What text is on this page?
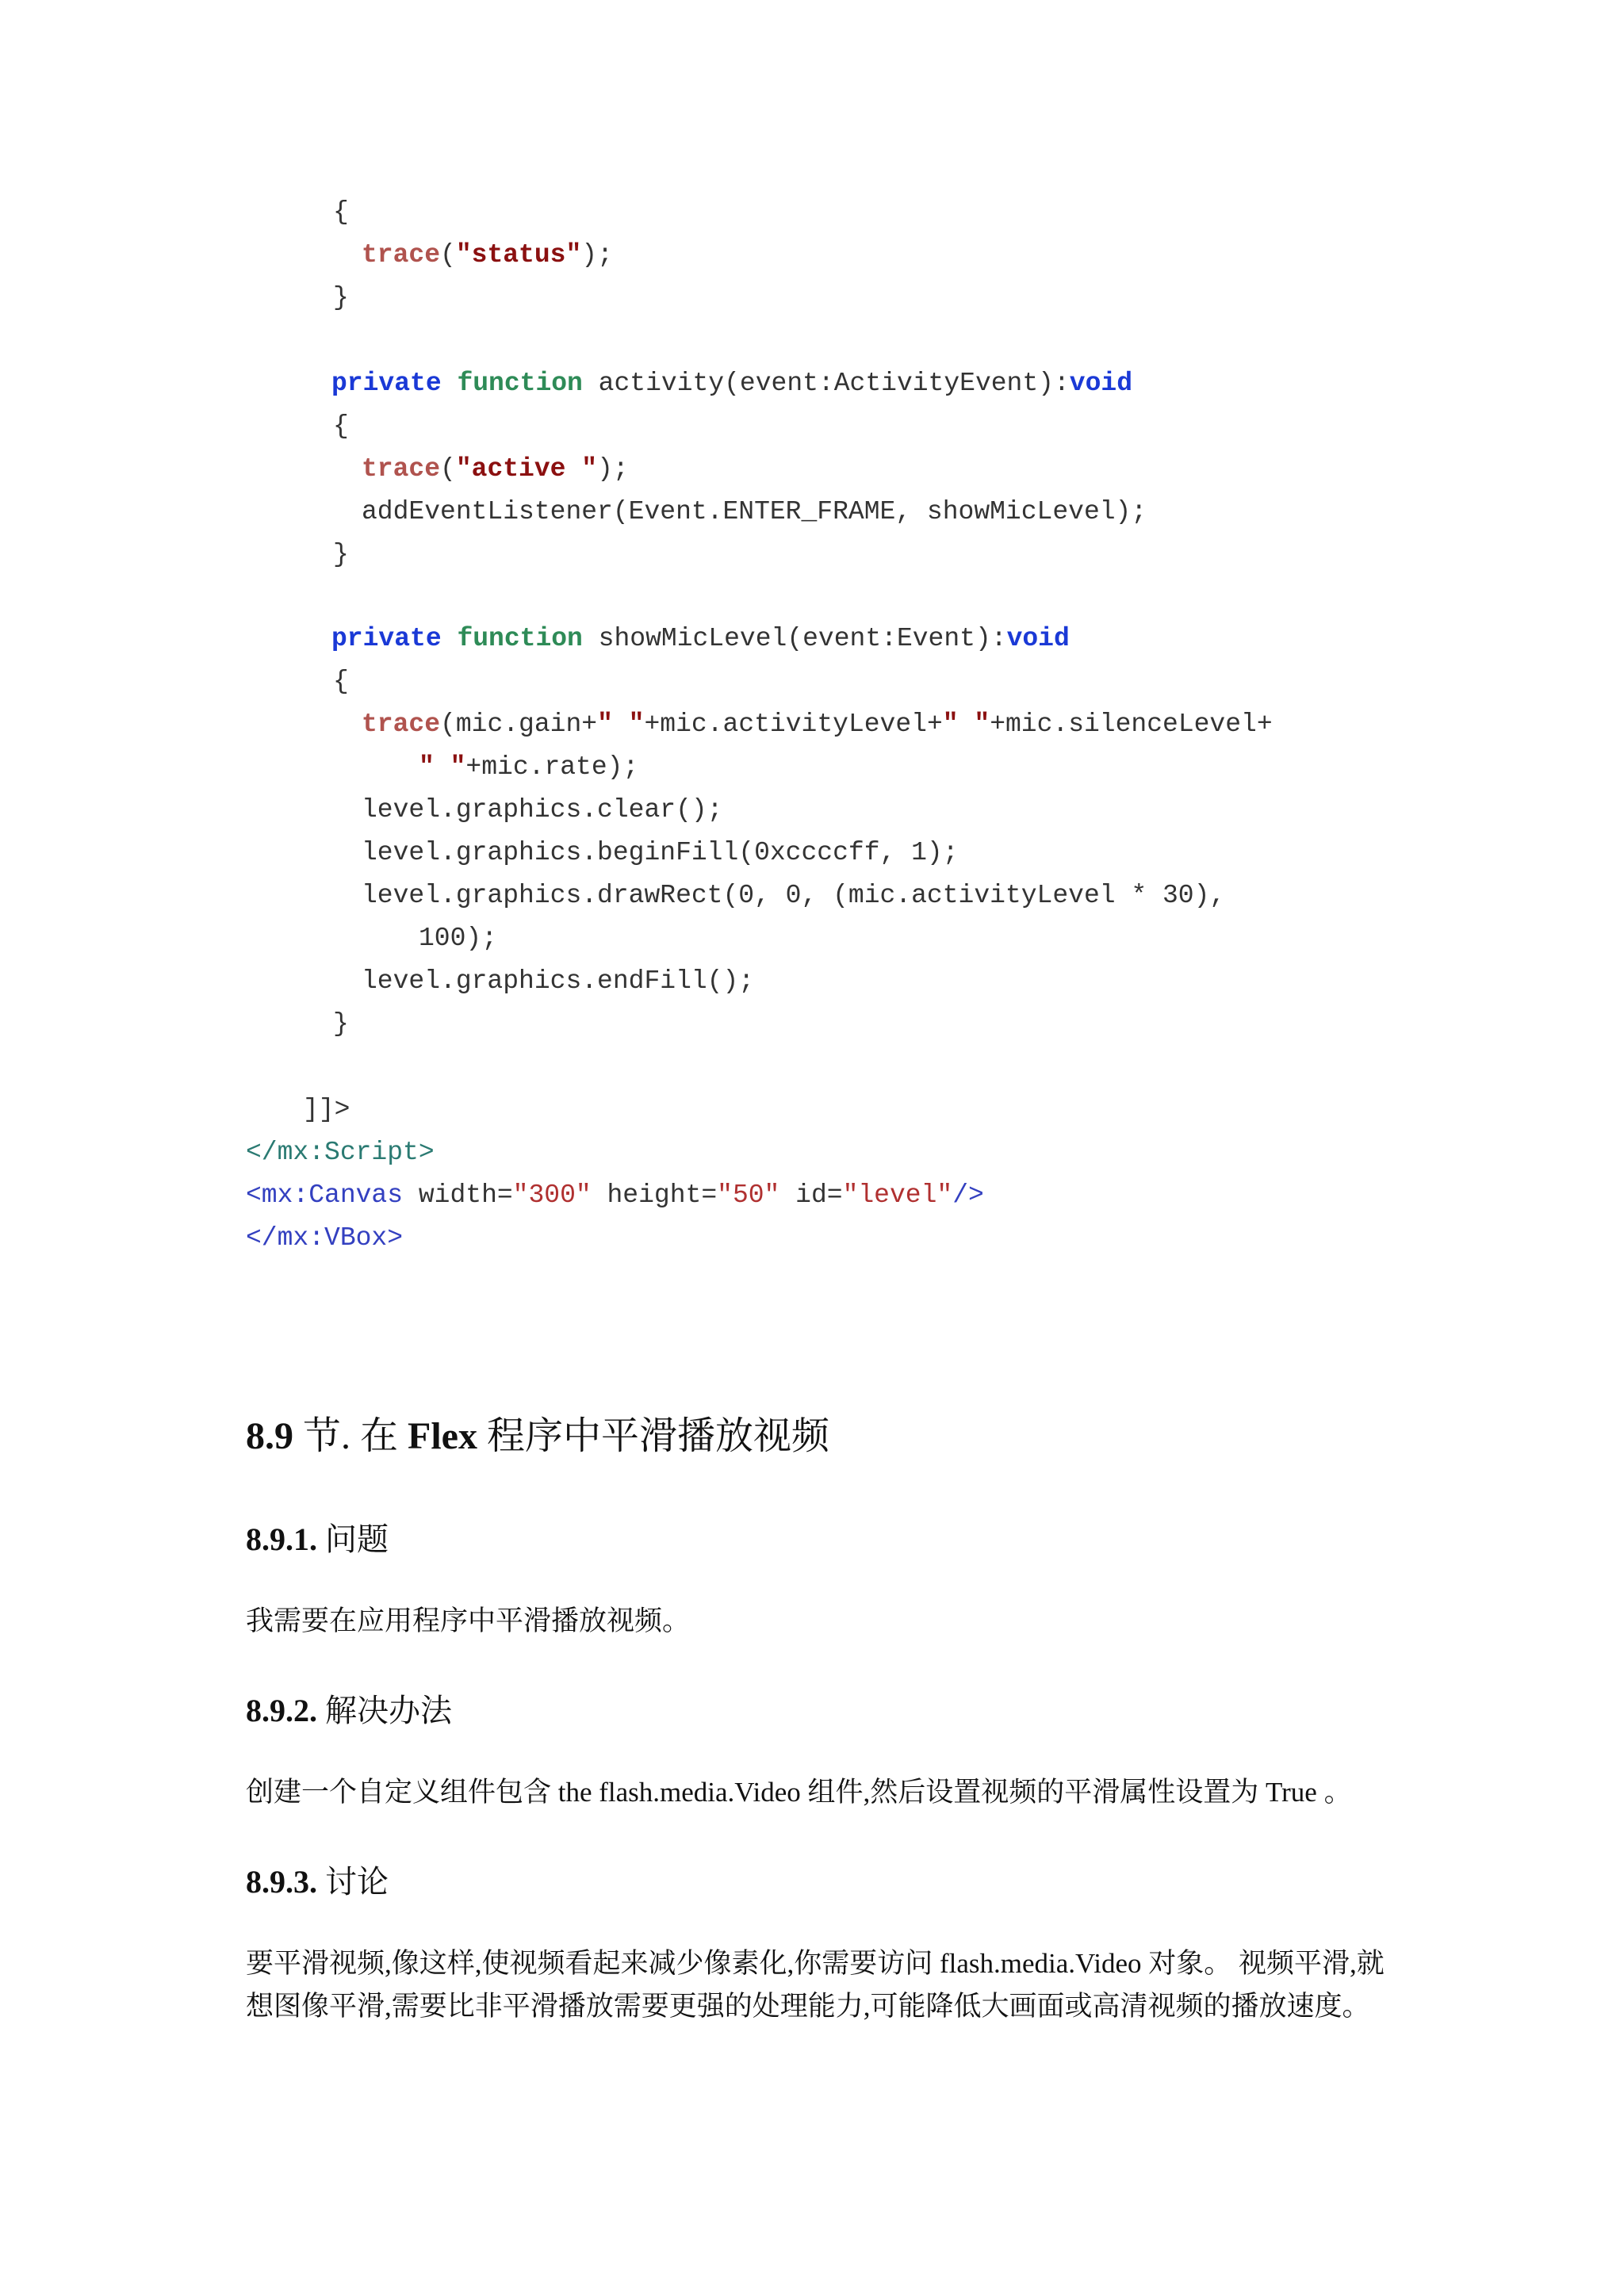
{
trace("status");
}
private function activity(event:ActivityEvent):void
{
trace("active ");
addEventListener(Event.ENTER_FRAME, showMicLevel);
}
private function showMicLevel(event:Event):void
{
trace(mic.gain+" "+mic.activityLevel+" "+mic.silenceLevel+
" "+mic.rate);
level.graphics.clear();
level.graphics.beginFill(0xccccff, 1);
level.graphics.drawRect(0, 0, (mic.activityLevel * 30),
100);
level.graphics.endFill();
}
]]>
</mx:Script>
<mx:Canvas width="300" height="50" id="level"/>
</mx:VBox>
8.9 节. 在 Flex 程序中平滑播放视频
8.9.1. 问题
我需要在应用程序中平滑播放视频。
8.9.2. 解决办法
创建一个自定义组件包含 the flash.media.Video 组件,然后设置视频的平滑属性设置为 True 。
8.9.3. 讨论
要平滑视频,像这样,使视频看起来减少像素化,你需要访问 flash.media.Video 对象。 视频平滑,就想图像平滑,需要比非平滑播放需要更强的处理能力,可能降低大画面或高清视频的播放速度。
